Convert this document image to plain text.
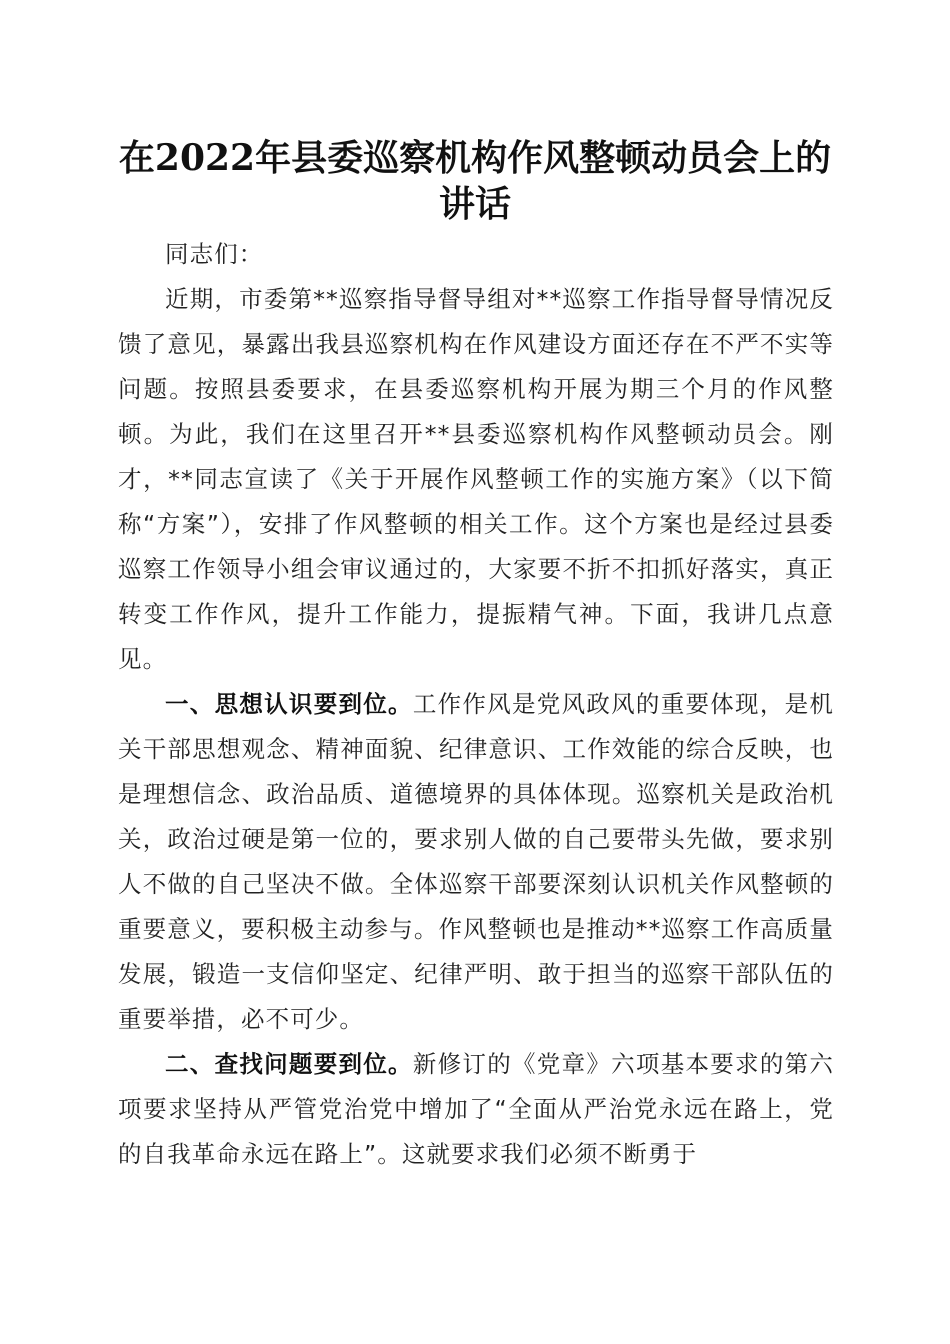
在2022年县委巡察机构作风整顿动员会上的
讲话

同志们：

近期，市委第**巡察指导督导组对**巡察工作指导督导情况反馈了意见，暴露出我县巡察机构在作风建设方面还存在不严不实等问题。按照县委要求，在县委巡察机构开展为期三个月的作风整顿。为此，我们在这里召开**县委巡察机构作风整顿动员会。刚才，**同志宣读了《关于开展作风整顿工作的实施方案》（以下简称“方案”），安排了作风整顿的相关工作。这个方案也是经过县委巡察工作领导小组会审议通过的，大家要不折不扣抓好落实，真正转变工作作风，提升工作能力，提振精气神。下面，我讲几点意见。

一、思想认识要到位。工作作风是党风政风的重要体现，是机关干部思想观念、精神面貌、纪律意识、工作效能的综合反映，也是理想信念、政治品质、道德境界的具体体现。巡察机关是政治机关，政治过硬是第一位的，要求别人做的自己要带头先做，要求别人不做的自己坚决不做。全体巡察干部要深刻认识机关作风整顿的重要意义，要积极主动参与。作风整顿也是推动**巡察工作高质量发展，锻造一支信仰坚定、纪律严明、敢于担当的巡察干部队伍的重要举措，必不可少。

二、查找问题要到位。新修订的《党章》六项基本要求的第六项要求坚持从严管党治党中增加了“全面从严治党永远在路上，党的自我革命永远在路上”。这就要求我们必须不断勇于
